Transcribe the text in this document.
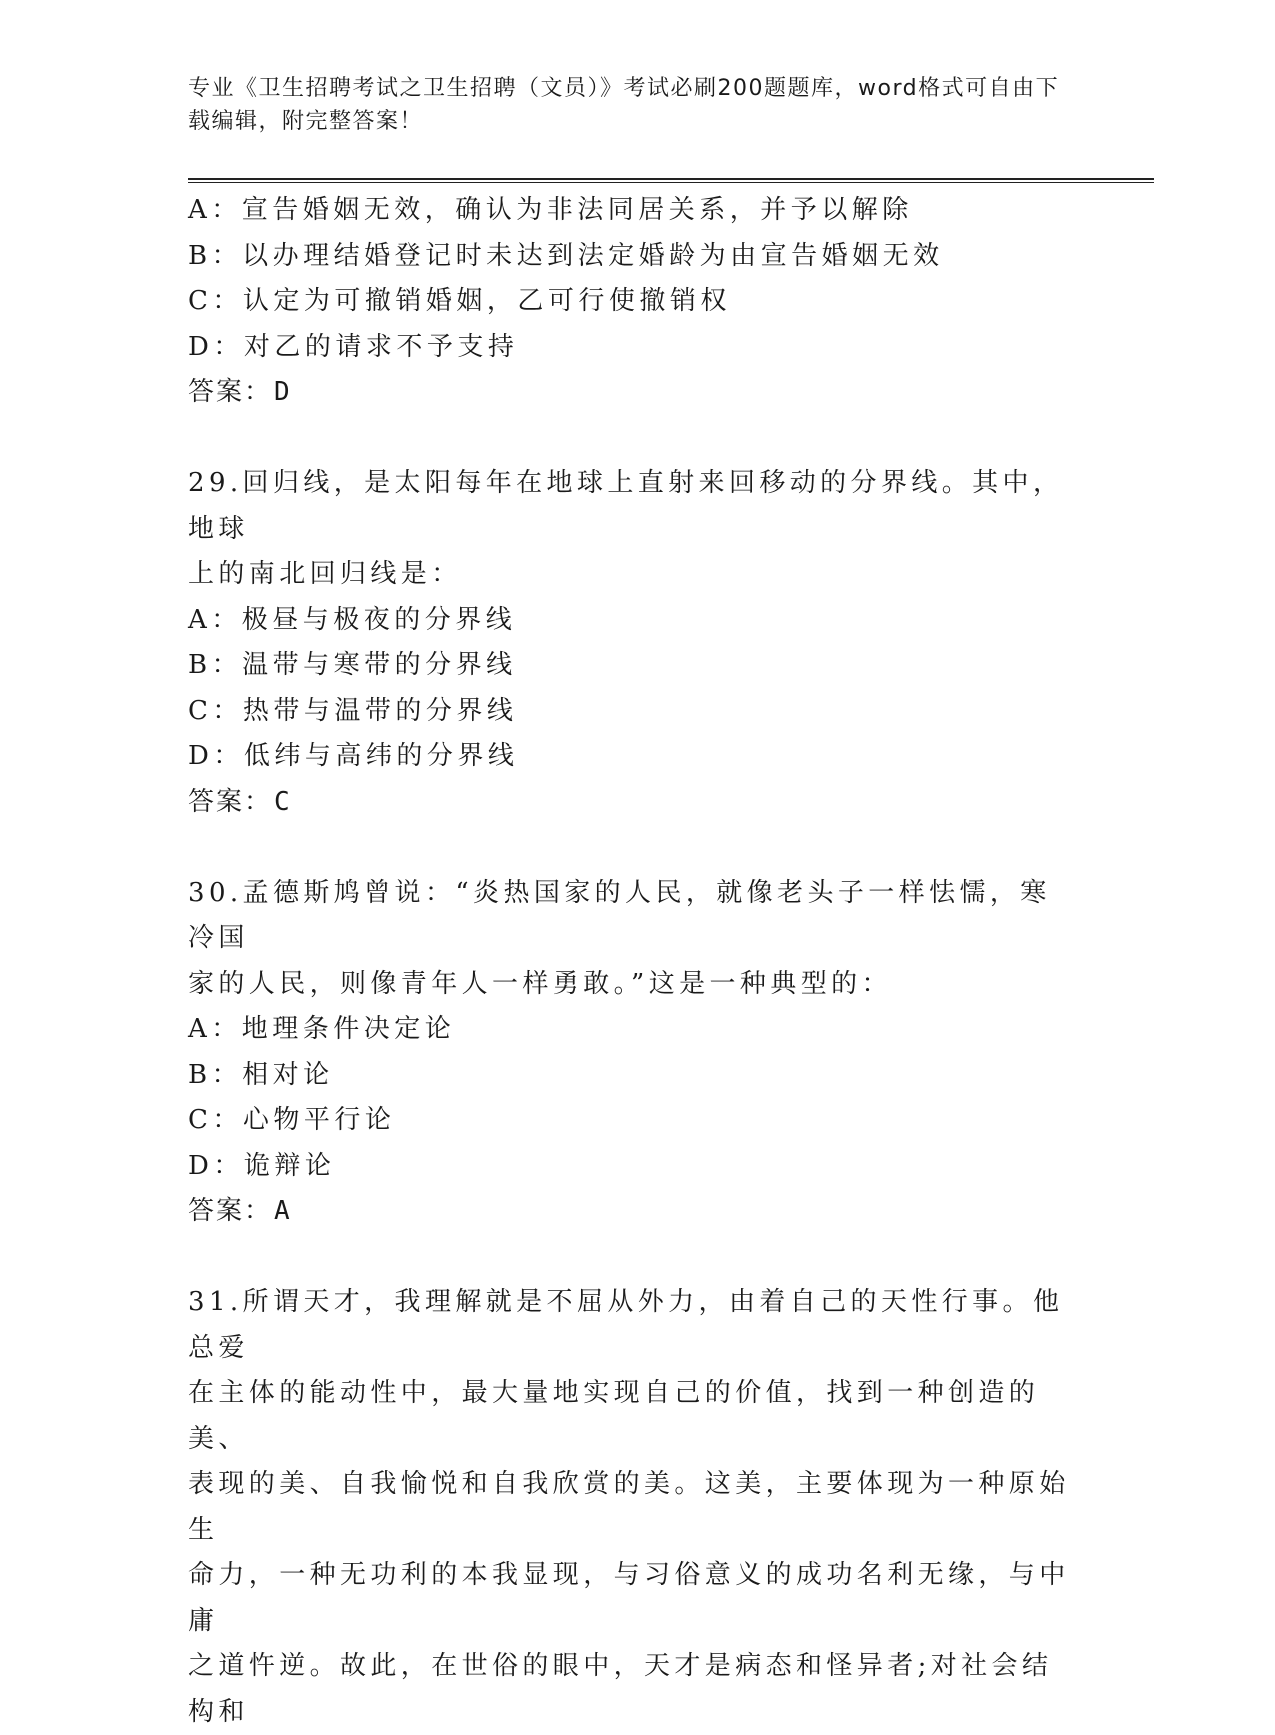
专业《卫生招聘考试之卫生招聘（文员）》考试必刷200题题库，word格式可自由下载编辑，附完整答案！
A：宣告婚姻无效，确认为非法同居关系，并予以解除
B：以办理结婚登记时未达到法定婚龄为由宣告婚姻无效
C：认定为可撤销婚姻，乙可行使撤销权
D：对乙的请求不予支持
答案：D
29.回归线，是太阳每年在地球上直射来回移动的分界线。其中，地球
上的南北回归线是：
A：极昼与极夜的分界线
B：温带与寒带的分界线
C：热带与温带的分界线
D：低纬与高纬的分界线
答案：C
30.孟德斯鸠曾说：“炎热国家的人民，就像老头子一样怯懦，寒冷国
家的人民，则像青年人一样勇敢。”这是一种典型的：
A：地理条件决定论
B：相对论
C：心物平行论
D：诡辩论
答案：A
31.所谓天才，我理解就是不屈从外力，由着自己的天性行事。他总爱
在主体的能动性中，最大量地实现自己的价值，找到一种创造的美、
表现的美、自我愉悦和自我欣赏的美。这美，主要体现为一种原始生
命力，一种无功利的本我显现，与习俗意义的成功名利无缘，与中庸
之道忤逆。故此，在世俗的眼中，天才是病态和怪异者;对社会结构和
